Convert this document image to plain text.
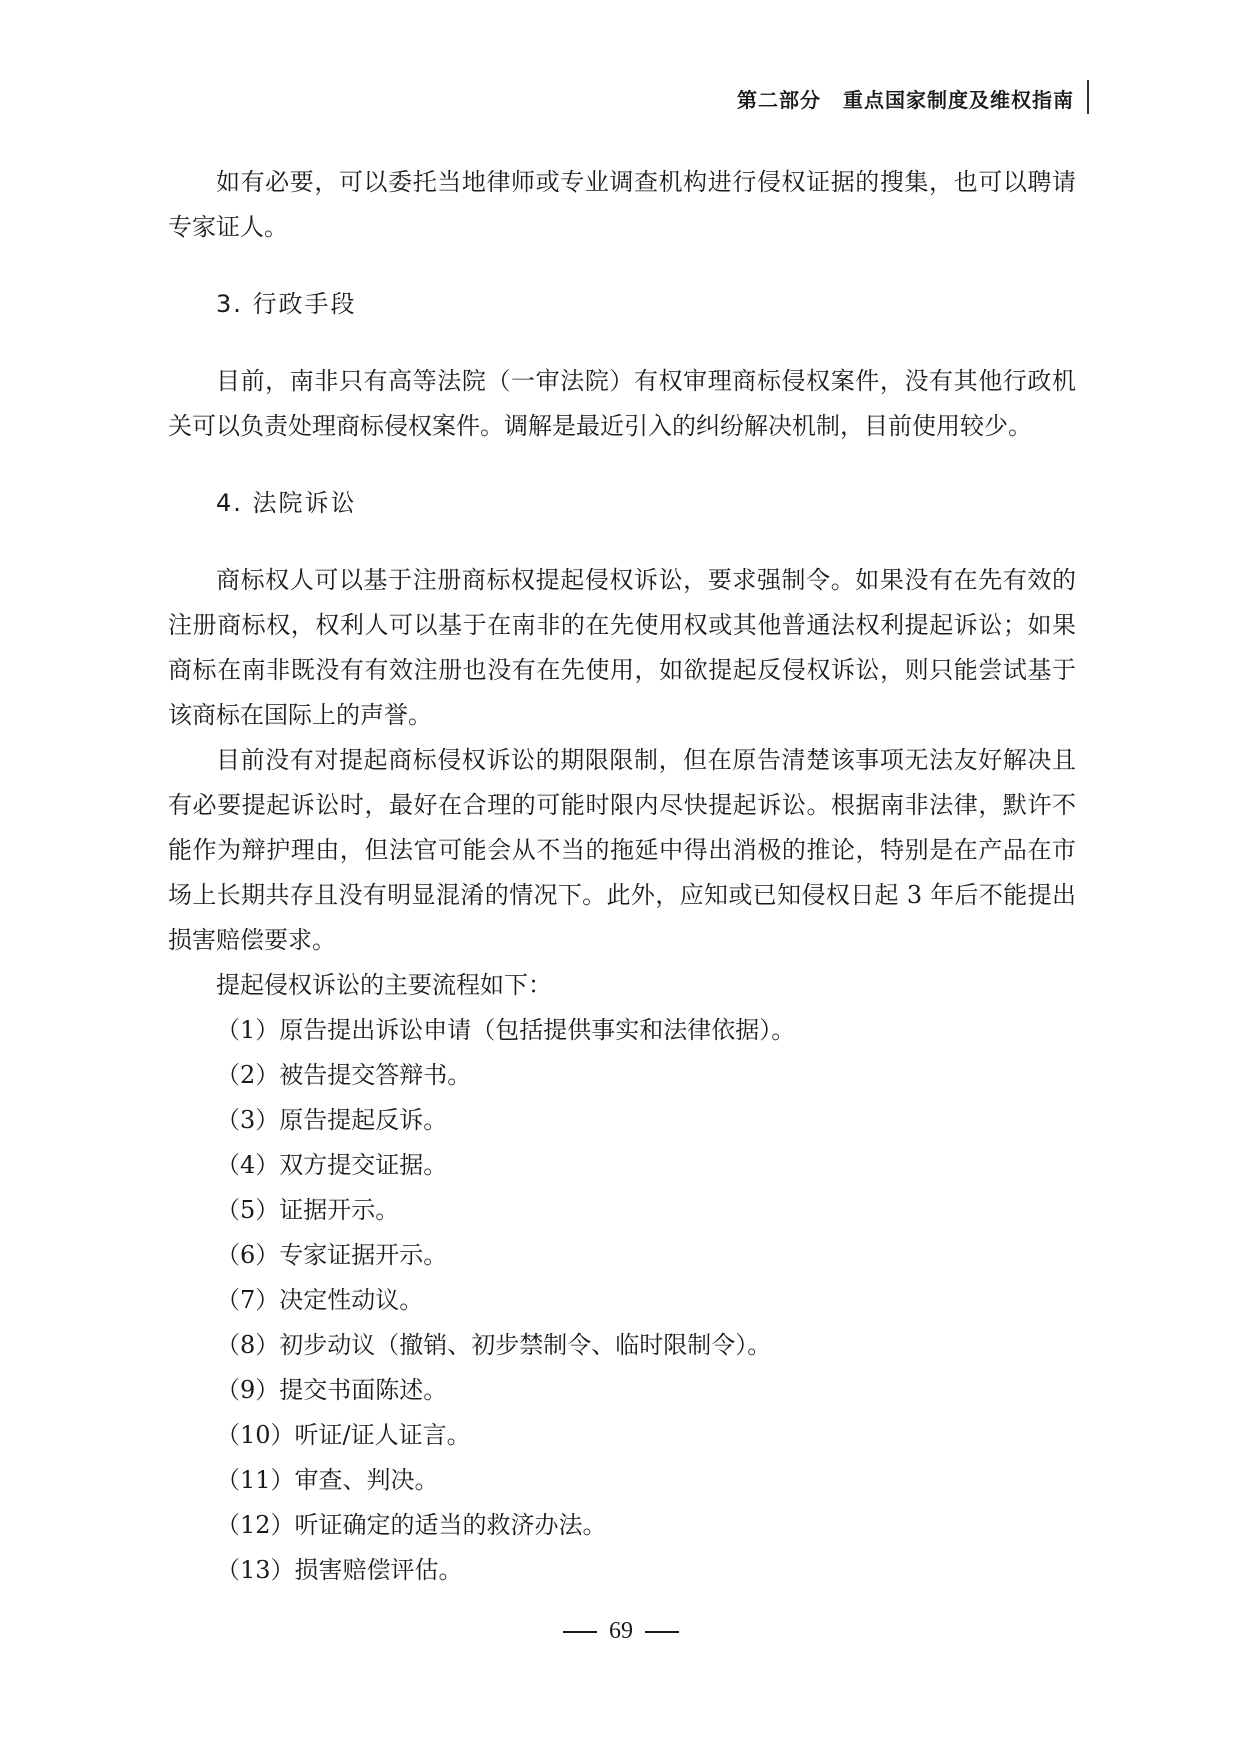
第二部分 重点国家制度及维权指南

如有必要，可以委托当地律师或专业调查机构进行侵权证据的搜集，也可以聘请专家证人。

3. 行政手段

目前，南非只有高等法院（一审法院）有权审理商标侵权案件，没有其他行政机关可以负责处理商标侵权案件。调解是最近引入的纠纷解决机制，目前使用较少。

4. 法院诉讼

商标权人可以基于注册商标权提起侵权诉讼，要求强制令。如果没有在先有效的注册商标权，权利人可以基于在南非的在先使用权或其他普通法权利提起诉讼；如果商标在南非既没有有效注册也没有在先使用，如欲提起反侵权诉讼，则只能尝试基于该商标在国际上的声誉。

目前没有对提起商标侵权诉讼的期限限制，但在原告清楚该事项无法友好解决且有必要提起诉讼时，最好在合理的可能时限内尽快提起诉讼。根据南非法律，默许不能作为辩护理由，但法官可能会从不当的拖延中得出消极的推论，特别是在产品在市场上长期共存且没有明显混淆的情况下。此外，应知或已知侵权日起 3 年后不能提出损害赔偿要求。

提起侵权诉讼的主要流程如下：

（1）原告提出诉讼申请（包括提供事实和法律依据）。

（2）被告提交答辩书。

（3）原告提起反诉。

（4）双方提交证据。

（5）证据开示。

（6）专家证据开示。

（7）决定性动议。

（8）初步动议（撤销、初步禁制令、临时限制令）。

（9）提交书面陈述。

（10）听证/证人证言。

（11）审查、判决。

（12）听证确定的适当的救济办法。

（13）损害赔偿评估。

69
